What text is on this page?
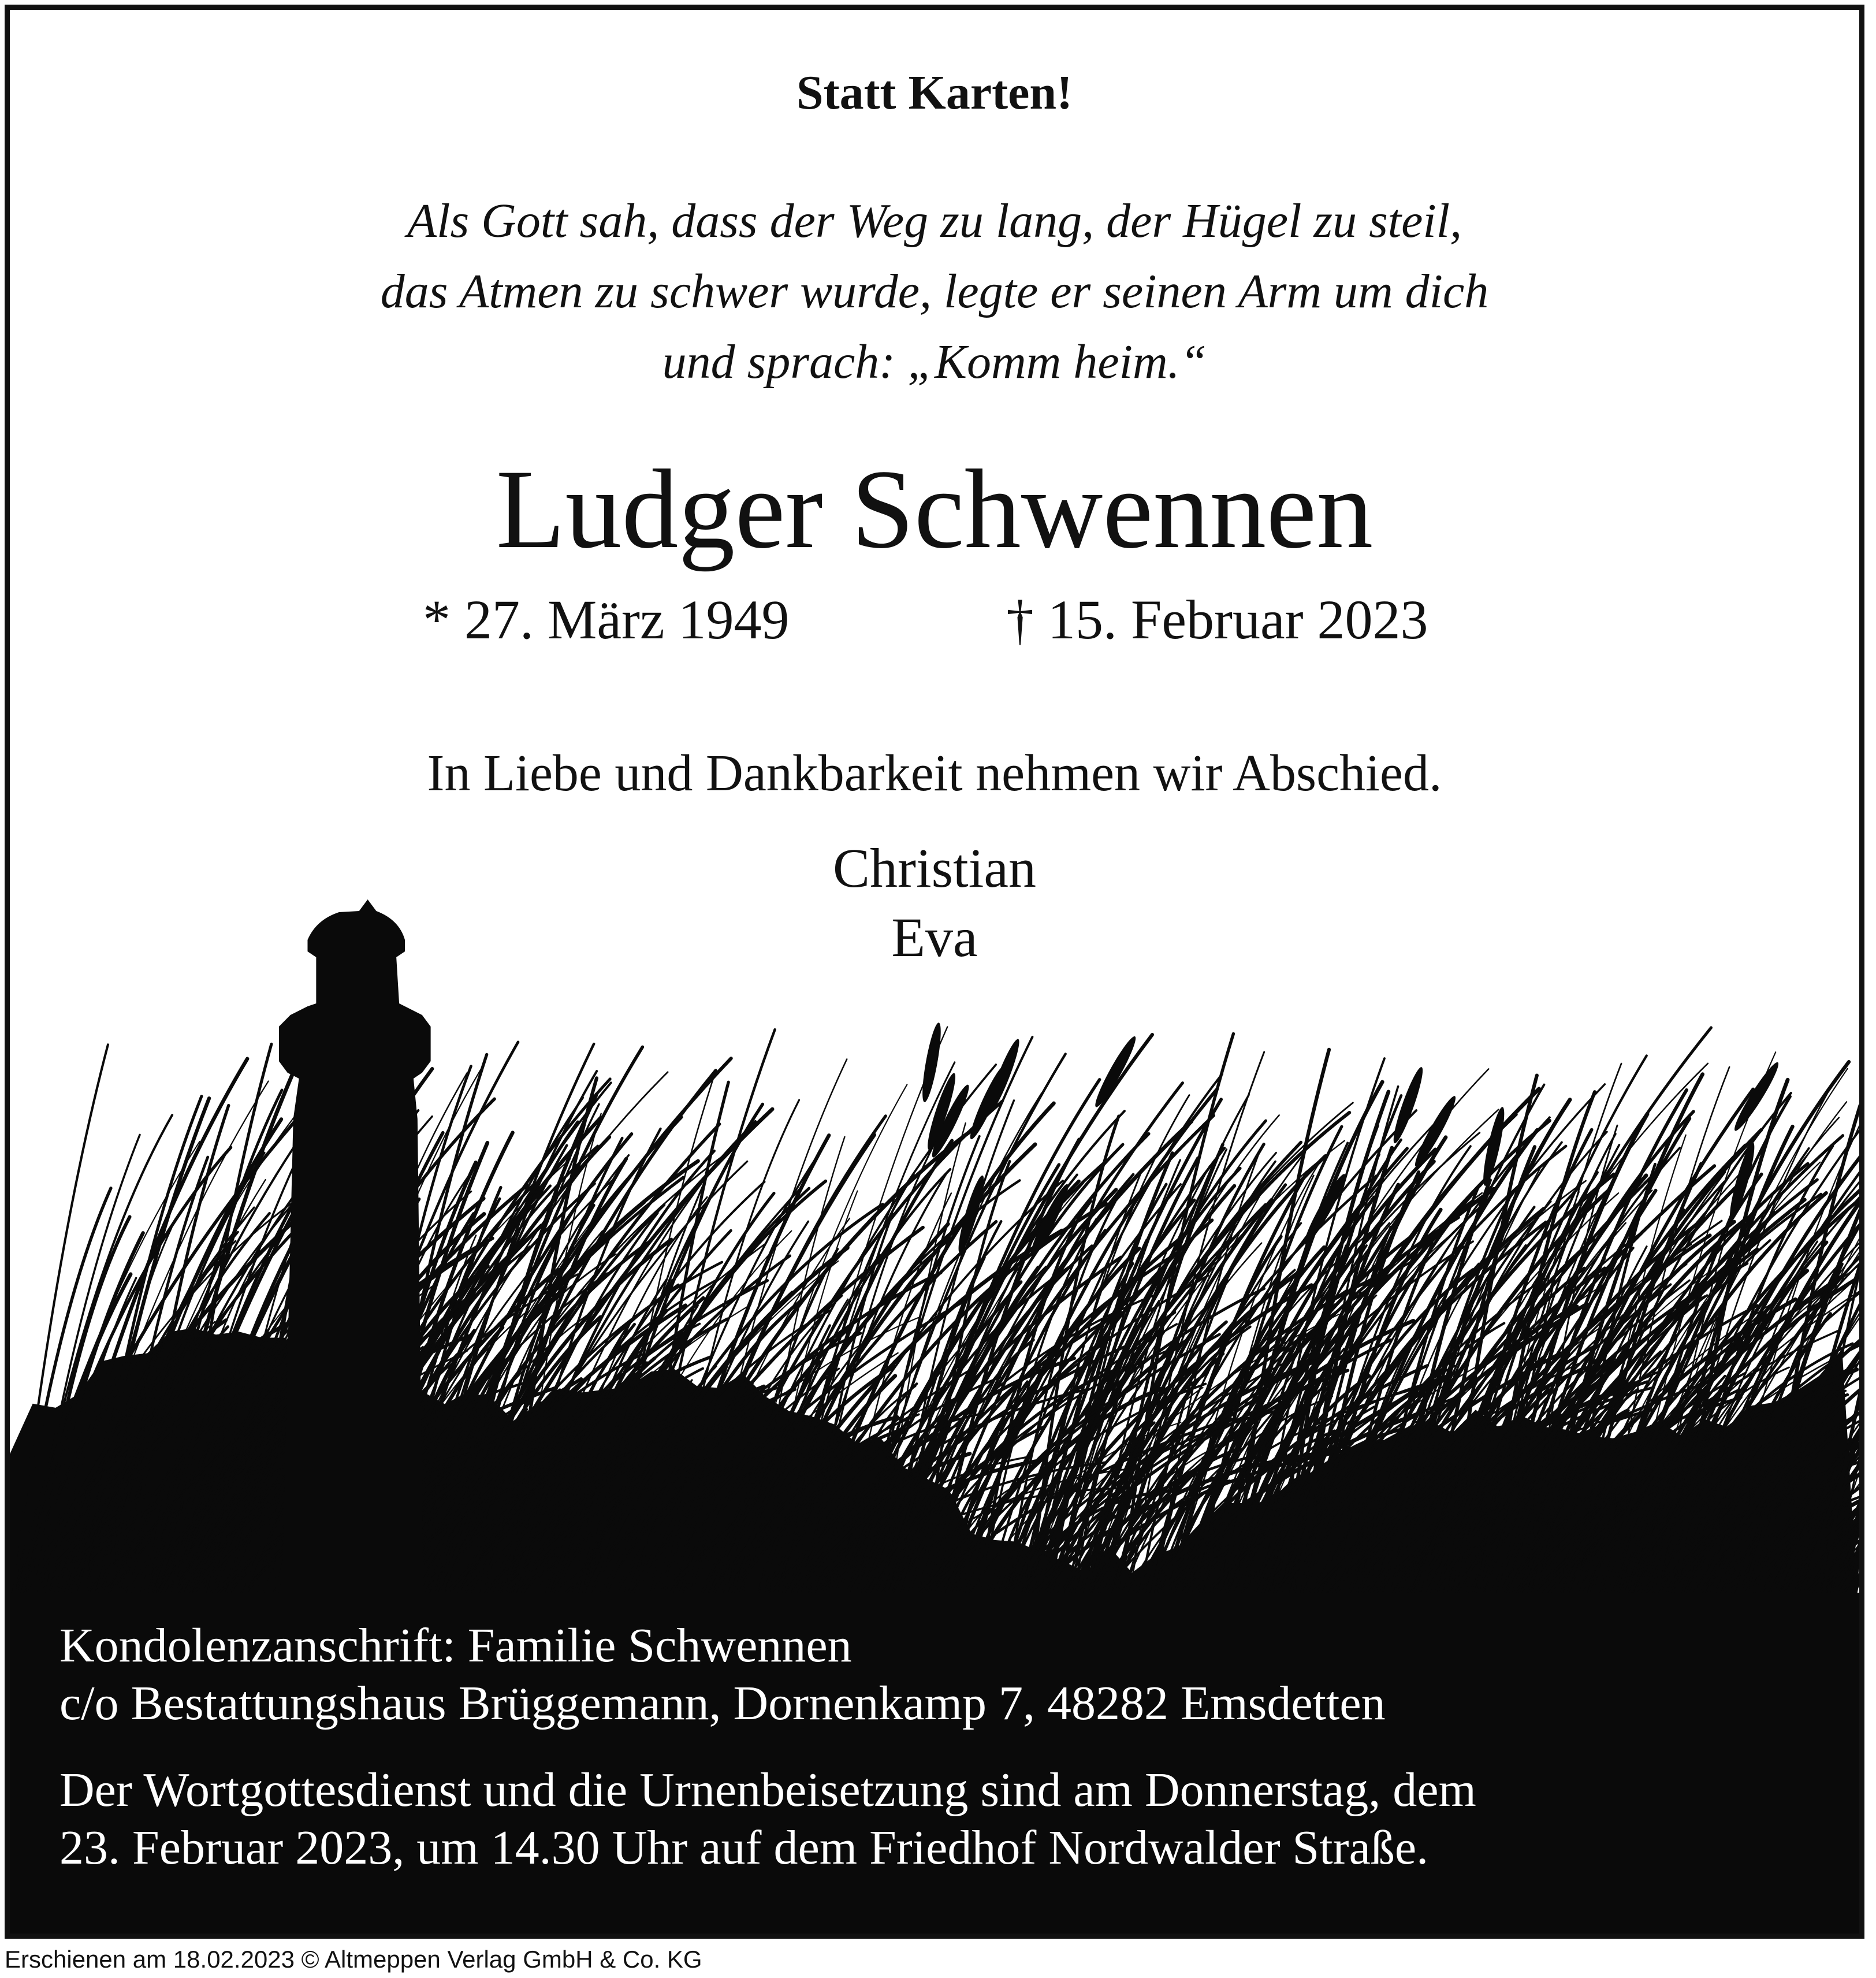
Statt Karten!
Als Gott sah, dass der Weg zu lang, der Hügel zu steil,
das Atmen zu schwer wurde, legte er seinen Arm um dich
und sprach: „Komm heim.“
Ludger Schwennen
* 27. März 1949	† 15. Februar 2023
In Liebe und Dankbarkeit nehmen wir Abschied.
Christian
Eva
Kondolenzanschrift: Familie Schwennen
c/o Bestattungshaus Brüggemann, Dornenkamp 7, 48282 Emsdetten
Der Wortgottesdienst und die Urnenbeisetzung sind am Donnerstag, dem
23. Februar 2023, um 14.30 Uhr auf dem Friedhof Nordwalder Straße.
Erschienen am 18.02.2023 © Altmeppen Verlag GmbH & Co. KG
